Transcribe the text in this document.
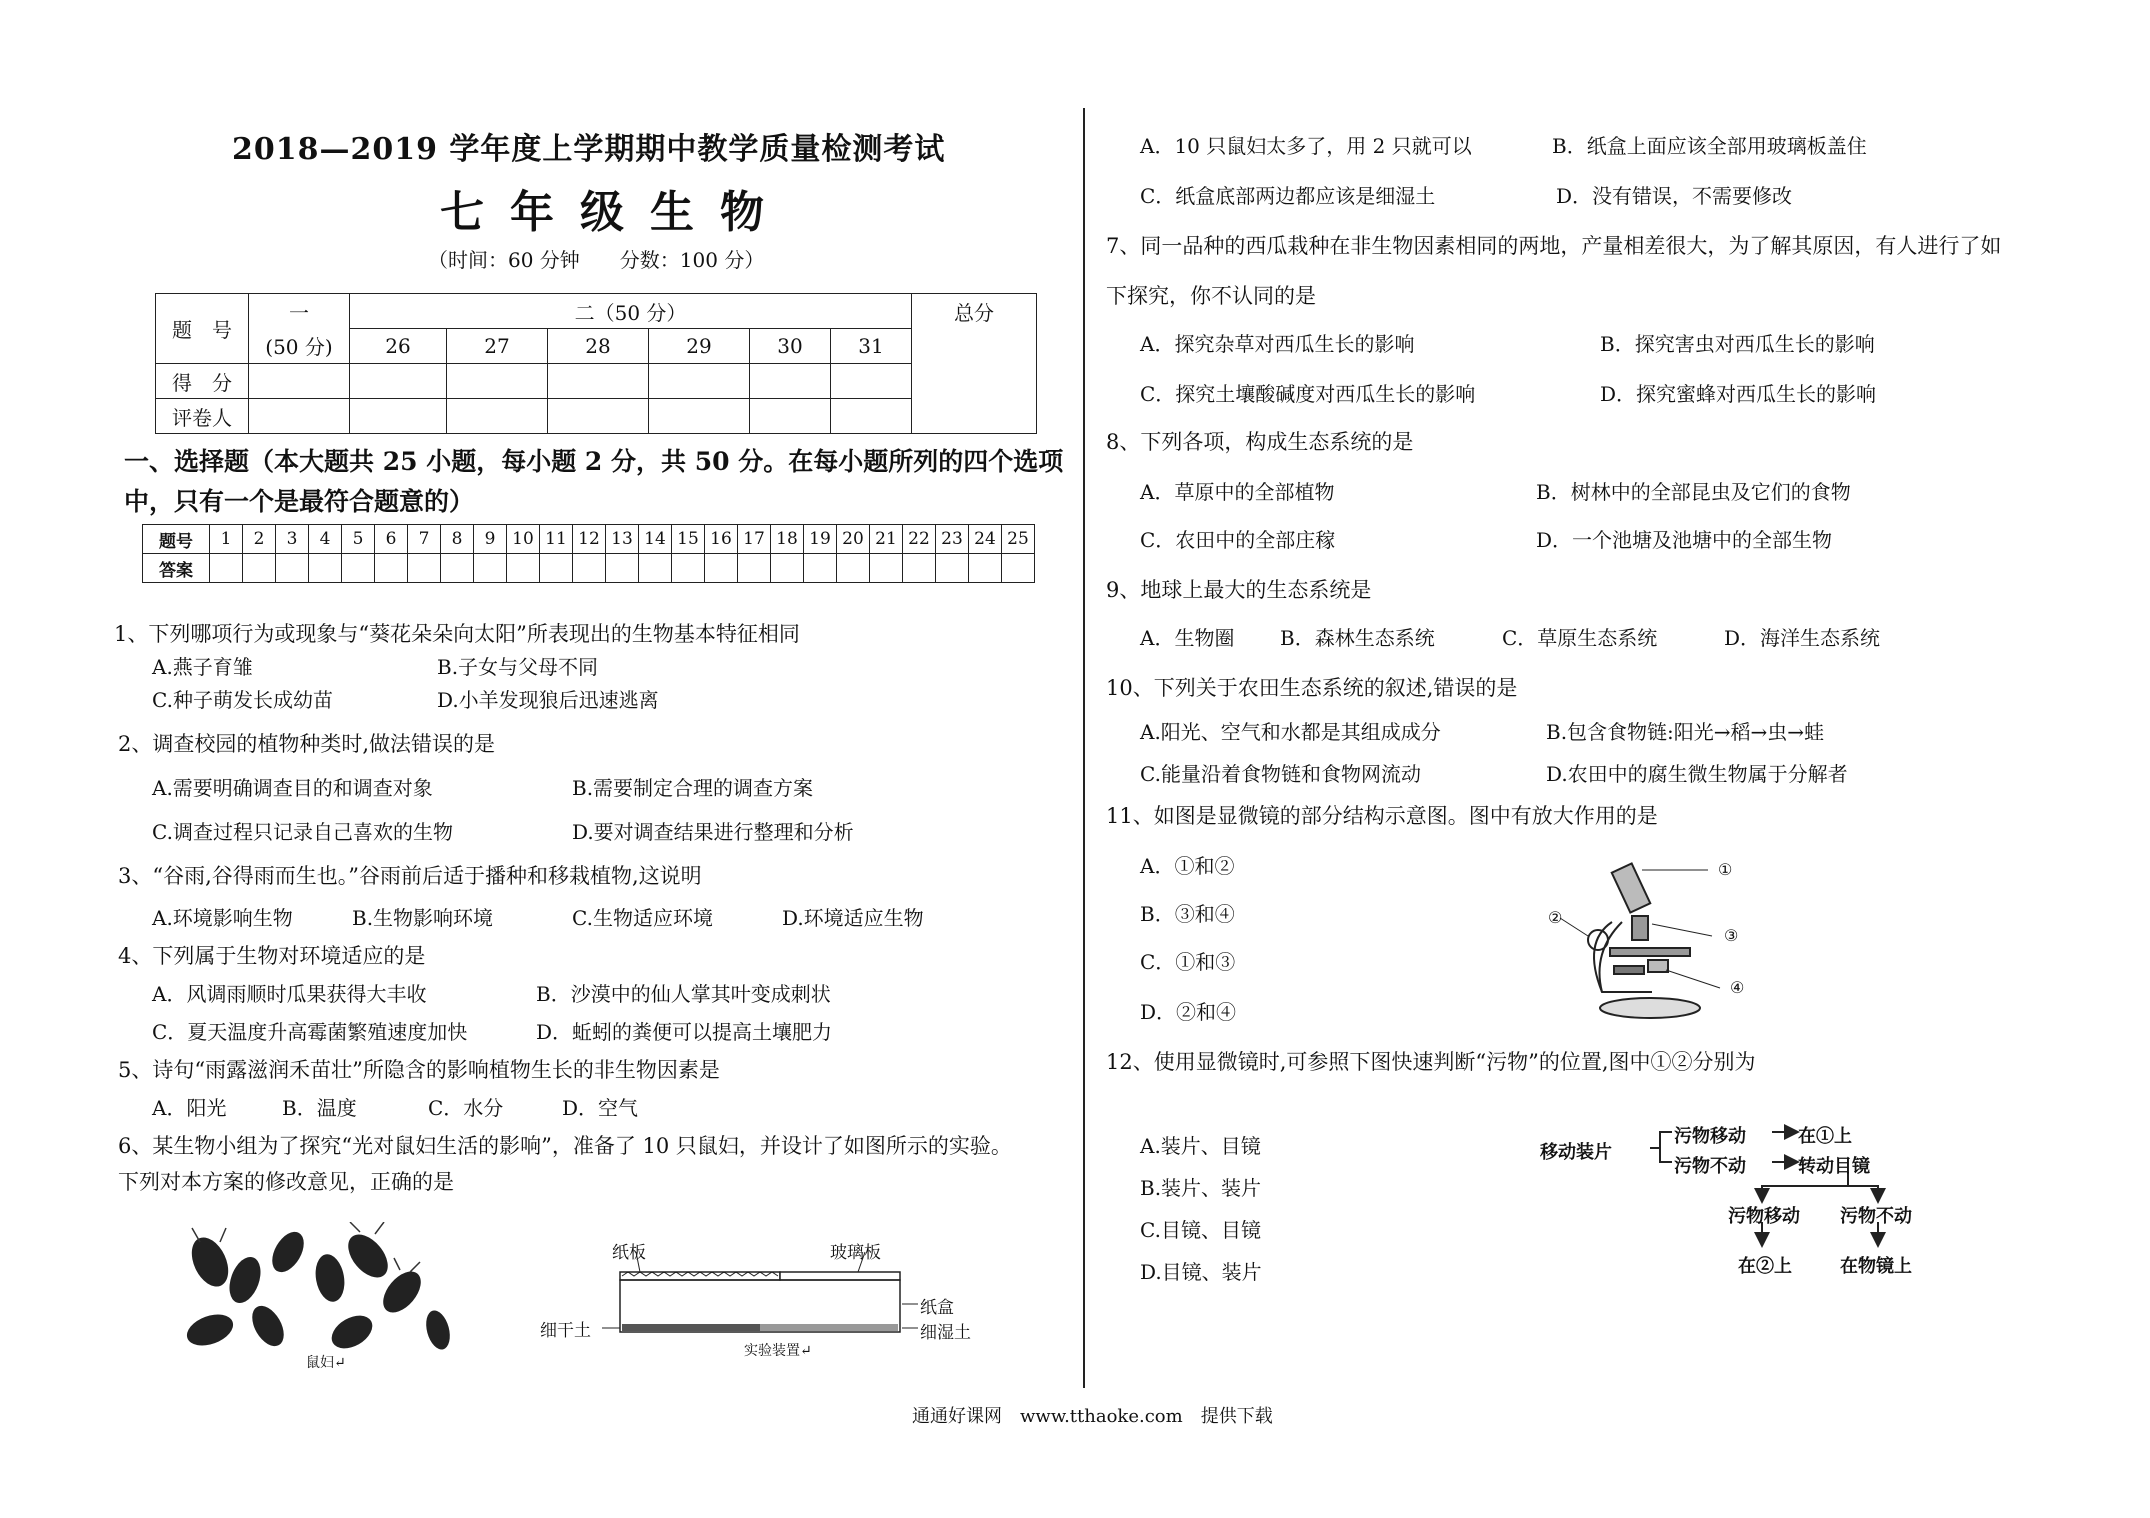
2018—2019 学年度上学期期中教学质量检测考试
七年级生物
（时间：60 分钟　　分数：100 分）
题　号	一	二（50 分）						总分
	(50 分)	26	27	28	29	30	31	
得　分								
评卷人								
一、选择题（本大题共 25 小题，每小题 2 分，共 50 分。在每小题所列的四个选项中，只有一个是最符合题意的）
题号	1	2	3	4	5	6	7	8	9	10	11	12	13	14	15	16	17	18	19	20	21	22	23	24	25
答案																									
1、下列哪项行为或现象与“葵花朵朵向太阳”所表现出的生物基本特征相同
A.燕子育雏	B.子女与父母不同
C.种子萌发长成幼苗	D.小羊发现狼后迅速逃离
2、调查校园的植物种类时,做法错误的是
A.需要明确调查目的和调查对象	B.需要制定合理的调查方案
C.调查过程只记录自己喜欢的生物	D.要对调查结果进行整理和分析
3、“谷雨,谷得雨而生也。”谷雨前后适于播种和移栽植物,这说明
A.环境影响生物	B.生物影响环境	C.生物适应环境	D.环境适应生物
4、下列属于生物对环境适应的是
A．风调雨顺时瓜果获得大丰收	B．沙漠中的仙人掌其叶变成刺状
C．夏天温度升高霉菌繁殖速度加快	D．蚯蚓的粪便可以提高土壤肥力
5、诗句“雨露滋润禾苗壮”所隐含的影响植物生长的非生物因素是
A．阳光	B．温度	C．水分	D．空气
6、某生物小组为了探究“光对鼠妇生活的影响”，准备了 10 只鼠妇，并设计了如图所示的实验。
下列对本方案的修改意见，正确的是
鼠妇↵
纸板	玻璃板
纸盒
细湿土
细干土
实验装置↵
A．10 只鼠妇太多了，用 2 只就可以	B．纸盒上面应该全部用玻璃板盖住
C．纸盒底部两边都应该是细湿土	D．没有错误，不需要修改
7、同一品种的西瓜栽种在非生物因素相同的两地，产量相差很大，为了解其原因，有人进行了如
下探究，你不认同的是
A．探究杂草对西瓜生长的影响	B．探究害虫对西瓜生长的影响
C．探究土壤酸碱度对西瓜生长的影响	D．探究蜜蜂对西瓜生长的影响
8、下列各项，构成生态系统的是
A．草原中的全部植物	B．树林中的全部昆虫及它们的食物
C．农田中的全部庄稼	D．一个池塘及池塘中的全部生物
9、地球上最大的生态系统是
A．生物圈 B．森林生态系统	C．草原生态系统	D．海洋生态系统
10、下列关于农田生态系统的叙述,错误的是
A.阳光、空气和水都是其组成成分	B.包含食物链:阳光→稻→虫→蛙
C.能量沿着食物链和食物网流动	D.农田中的腐生微生物属于分解者
11、如图是显微镜的部分结构示意图。图中有放大作用的是
A．①和②
B．③和④
C．①和③
D．②和④
①
②
③
④
12、使用显微镜时,可参照下图快速判断“污物”的位置,图中①②分别为
A.装片、目镜
B.装片、装片
C.目镜、目镜
D.目镜、装片
移动装片
污物移动	在①上
污物不动	转动目镜
污物移动 污物不动
在②上	在物镜上
通通好课网　www.tthaoke.com　提供下载
